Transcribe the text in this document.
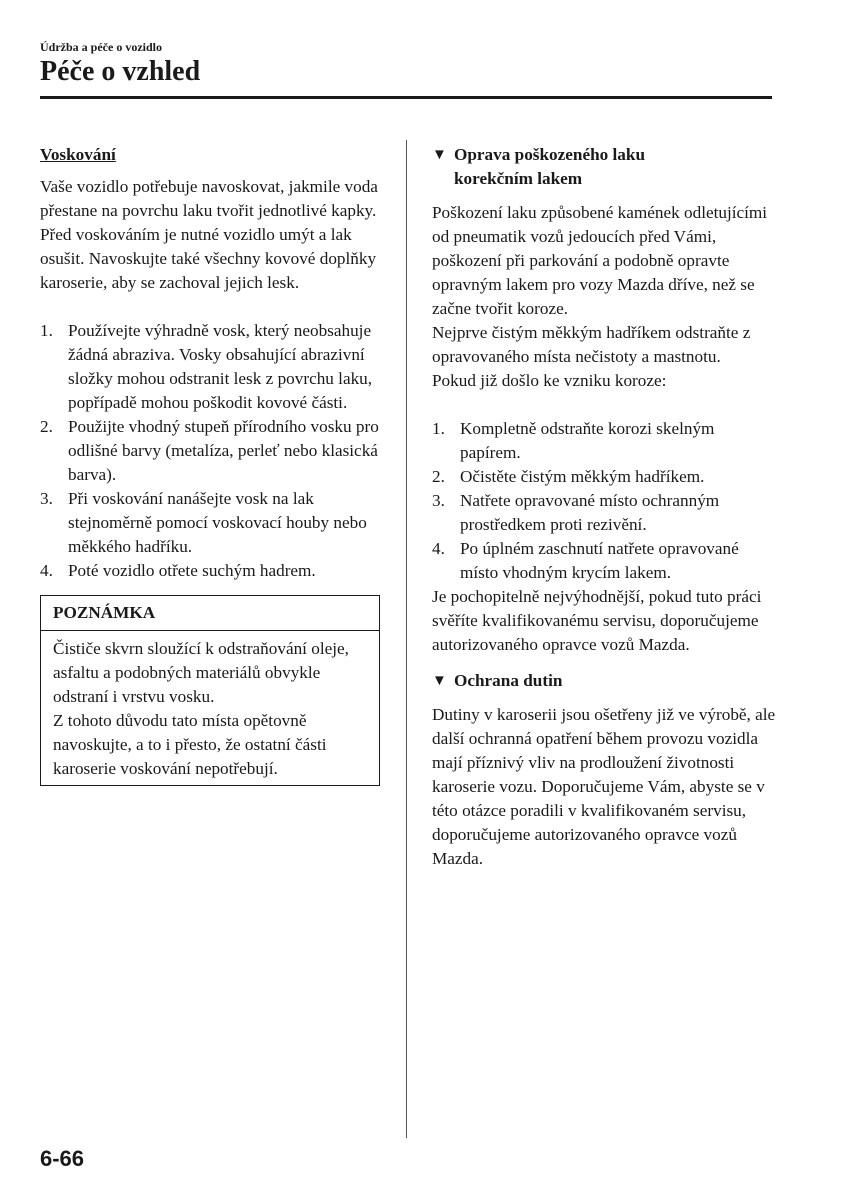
Údržba a péče o vozidlo
Péče o vzhled
Voskování

Vaše vozidlo potřebuje navoskovat, jakmile voda přestane na povrchu laku tvořit jednotlivé kapky.

Před voskováním je nutné vozidlo umýt a lak osušit. Navoskujte také všechny kovové doplňky karoserie, aby se zachoval jejich lesk.

1. Používejte výhradně vosk, který neobsahuje žádná abraziva. Vosky obsahující abrazivní složky mohou odstranit lesk z povrchu laku, popřípadě mohou poškodit kovové části.
2. Použijte vhodný stupeň přírodního vosku pro odlišné barvy (metalíza, perleť nebo klasická barva).
3. Při voskování nanášejte vosk na lak stejnoměrně pomocí voskovací houby nebo měkkého hadříku.
4. Poté vozidlo otřete suchým hadrem.
POZNÁMKA

Čističe skvrn sloužící k odstraňování oleje, asfaltu a podobných materiálů obvykle odstraní i vrstvu vosku.

Z tohoto důvodu tato místa opětovně navoskujte, a to i přesto, že ostatní části karoserie voskování nepotřebují.

▼ Oprava poškozeného laku
korekčním lakem

Poškození laku způsobené kamének odletujícími od pneumatik vozů jedoucích před Vámi, poškození při parkování a podobně opravte opravným lakem pro vozy Mazda dříve, než se začne tvořit koroze.

Nejprve čistým měkkým hadříkem odstraňte z opravovaného místa nečistoty a mastnotu.

Pokud již došlo ke vzniku koroze:

1. Kompletně odstraňte korozi skelným papírem.
2. Očistěte čistým měkkým hadříkem.
3. Natřete opravované místo ochranným prostředkem proti rezivění.
4. Po úplném zaschnutí natřete opravované místo vhodným krycím lakem.

Je pochopitelně nejvýhodnější, pokud tuto práci svěříte kvalifikovanému servisu, doporučujeme autorizovaného opravce vozů Mazda.

▼ Ochrana dutin

Dutiny v karoserii jsou ošetřeny již ve výrobě, ale další ochranná opatření během provozu vozidla mají příznivý vliv na prodloužení životnosti karoserie vozu. Doporučujeme Vám, abyste se v této otázce poradili v kvalifikovaném servisu, doporučujeme autorizovaného opravce vozů Mazda.

6-66
